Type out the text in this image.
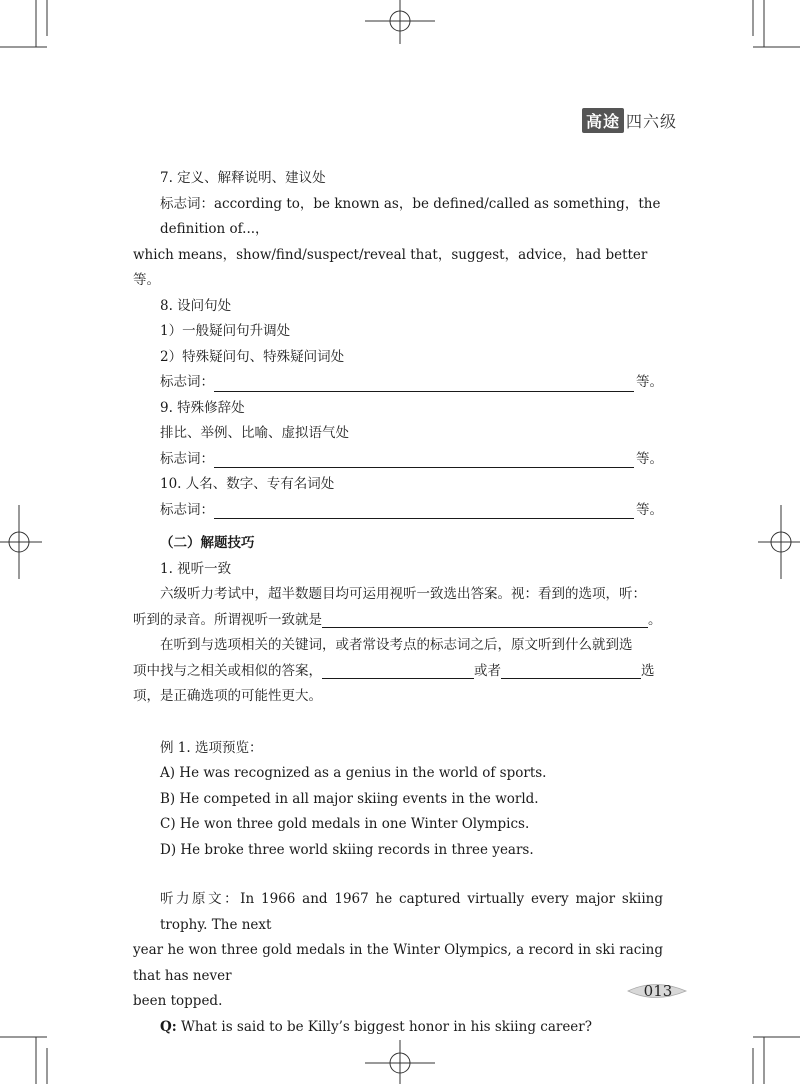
高途 四六级

7. 定义、解释说明、建议处

标志词：according to，be known as，be defined/called as something，the definition of...，

which means，show/find/suspect/reveal that，suggest，advice，had better 等。

8. 设问句处

1）一般疑问句升调处

2）特殊疑问句、特殊疑问词处

标志词：	等。

9. 特殊修辞处

排比、举例、比喻、虚拟语气处

标志词：	等。

10. 人名、数字、专有名词处

标志词：	等。

（二）解题技巧

1. 视听一致

六级听力考试中，超半数题目均可运用视听一致选出答案。视：看到的选项，听：

听到的录音。所谓视听一致就是	。

在听到与选项相关的关键词，或者常设考点的标志词之后，原文听到什么就到选

项中找与之相关或相似的答案，	或者	选

项，是正确选项的可能性更大。

例 1. 选项预览：

A) He was recognized as a genius in the world of sports.

B) He competed in all major skiing events in the world.

C) He won three gold medals in one Winter Olympics.

D) He broke three world skiing records in three years.

听力原文：In 1966 and 1967 he captured virtually every major skiing trophy. The next

year he won three gold medals in the Winter Olympics, a record in ski racing that has never

been topped.

Q: What is said to be Killy’s biggest honor in his skiing career?

013
